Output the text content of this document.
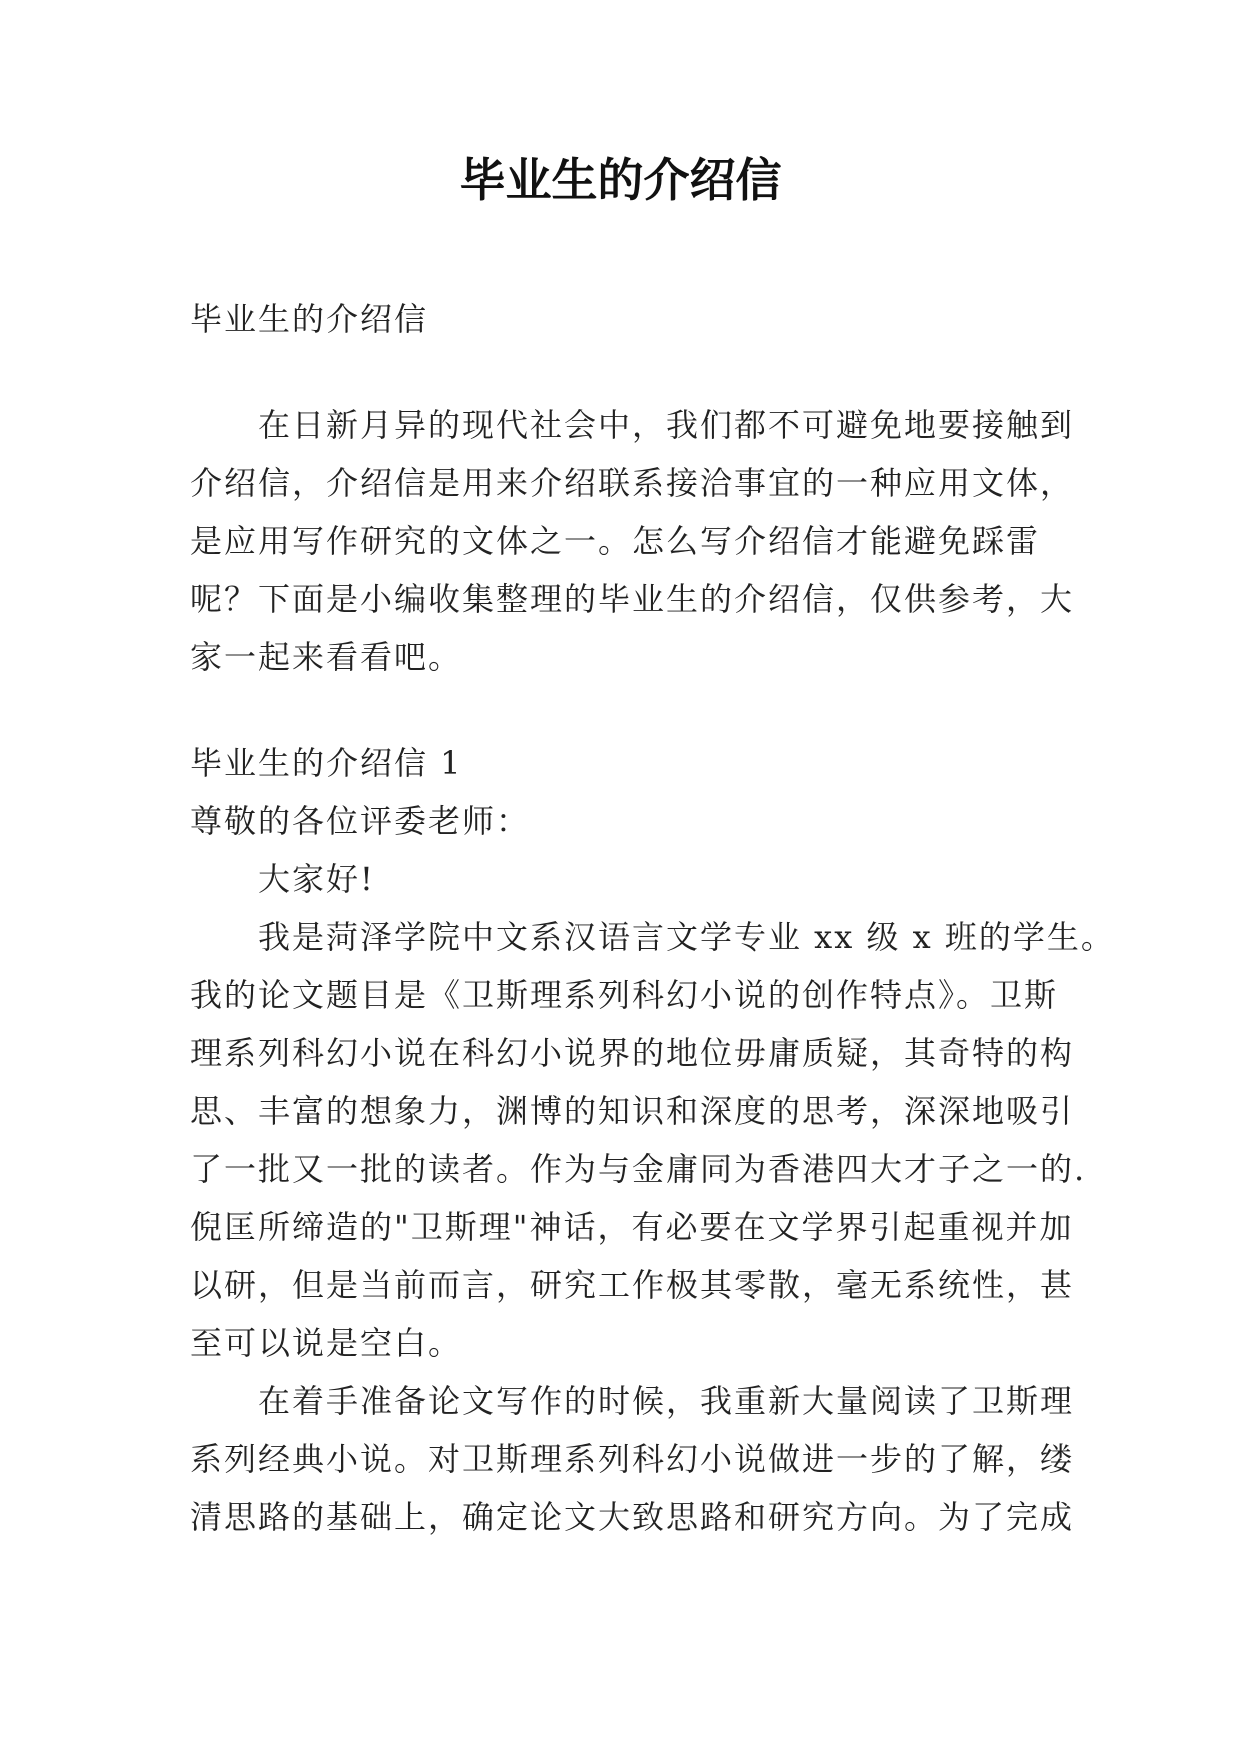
毕业生的介绍信

毕业生的介绍信

在日新月异的现代社会中，我们都不可避免地要接触到

介绍信，介绍信是用来介绍联系接洽事宜的一种应用文体，

是应用写作研究的文体之一。怎么写介绍信才能避免踩雷

呢？下面是小编收集整理的毕业生的介绍信，仅供参考，大

家一起来看看吧。

毕业生的介绍信 1

尊敬的各位评委老师：

大家好!

我是菏泽学院中文系汉语言文学专业 xx 级 x 班的学生。

我的论文题目是《卫斯理系列科幻小说的创作特点》。卫斯

理系列科幻小说在科幻小说界的地位毋庸质疑，其奇特的构

思、丰富的想象力，渊博的知识和深度的思考，深深地吸引

了一批又一批的读者。作为与金庸同为香港四大才子之一的.

倪匡所缔造的"卫斯理"神话，有必要在文学界引起重视并加

以研，但是当前而言，研究工作极其零散，毫无系统性，甚

至可以说是空白。

在着手准备论文写作的时候，我重新大量阅读了卫斯理

系列经典小说。对卫斯理系列科幻小说做进一步的了解，缕

清思路的基础上，确定论文大致思路和研究方向。为了完成
